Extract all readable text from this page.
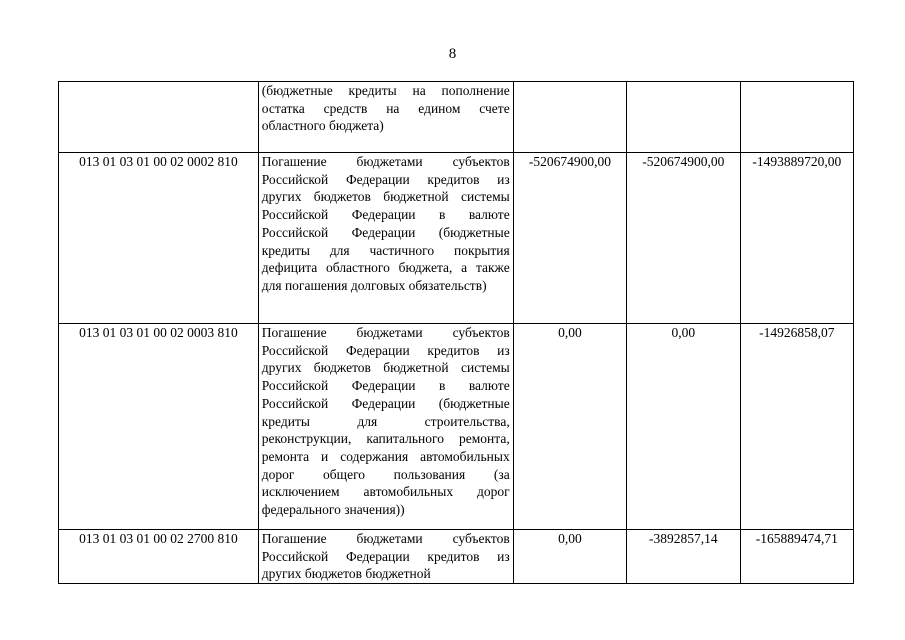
8
	(бюджетные кредиты на пополнение остатка средств на едином счете областного бюджета)			
013 01 03 01 00 02 0002 810	Погашение бюджетами субъектов Российской Федерации кредитов из других бюджетов бюджетной системы Российской Федерации в валюте Российской Федерации (бюджетные кредиты для частичного покрытия дефицита областного бюджета, а также для погашения долговых обязательств)	-520674900,00	-520674900,00	-1493889720,00
013 01 03 01 00 02 0003 810	Погашение бюджетами субъектов Российской Федерации кредитов из других бюджетов бюджетной системы Российской Федерации в валюте Российской Федерации (бюджетные кредиты для строительства, реконструкции, капитального ремонта, ремонта и содержания автомобильных дорог общего пользования (за исключением автомобильных дорог федерального значения))	0,00	0,00	-14926858,07
013 01 03 01 00 02 2700 810	Погашение бюджетами субъектов Российской Федерации кредитов из других бюджетов бюджетной	0,00	-3892857,14	-165889474,71
